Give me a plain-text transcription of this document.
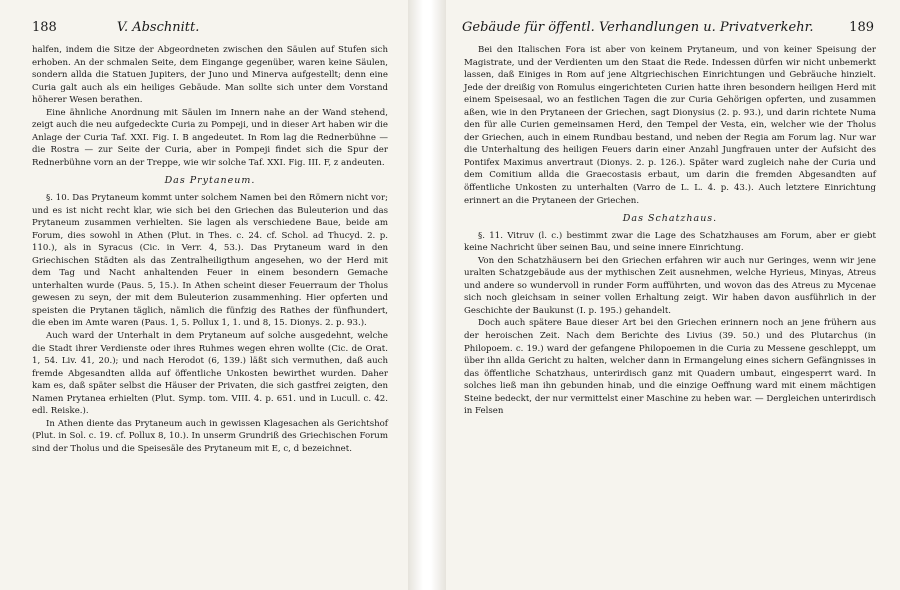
188	V. Abschnitt.

halfen, indem die Sitze der Abgeordneten zwischen den Säulen auf Stufen sich erhoben. An der schmalen Seite, dem Eingange gegenüber, waren keine Säulen, sondern allda die Statuen Jupiters, der Juno und Minerva aufgestellt; denn eine Curia galt auch als ein heiliges Gebäude. Man sollte sich unter dem Vorstand höherer Wesen berathen.

Eine ähnliche Anordnung mit Säulen im Innern nahe an der Wand stehend, zeigt auch die neu aufgedeckte Curia zu Pompeji, und in dieser Art haben wir die Anlage der Curia Taf. XXI. Fig. I. B angedeutet. In Rom lag die Rednerbühne — die Rostra — zur Seite der Curia, aber in Pompeji findet sich die Spur der Rednerbühne vorn an der Treppe, wie wir solche Taf. XXI. Fig. III. F, z andeuten.

Das Prytaneum.

§. 10. Das Prytaneum kommt unter solchem Namen bei den Römern nicht vor; und es ist nicht recht klar, wie sich bei den Griechen das Buleuterion und das Prytaneum zusammen verhielten. Sie lagen als verschiedene Baue, beide am Forum, dies sowohl in Athen (Plut. in Thes. c. 24. cf. Schol. ad Thucyd. 2. p. 110.), als in Syracus (Cic. in Verr. 4, 53.). Das Prytaneum ward in den Griechischen Städten als das Zentralheiligthum angesehen, wo der Herd mit dem Tag und Nacht anhaltenden Feuer in einem besondern Gemache unterhalten wurde (Paus. 5, 15.). In Athen scheint dieser Feuerraum der Tholus gewesen zu seyn, der mit dem Buleuterion zusammenhing. Hier opferten und speisten die Prytanen täglich, nämlich die fünfzig des Rathes der fünfhundert, die eben im Amte waren (Paus. 1, 5. Pollux 1, 1. und 8, 15. Dionys. 2. p. 93.).

Auch ward der Unterhalt in dem Prytaneum auf solche ausgedehnt, welche die Stadt ihrer Verdienste oder ihres Ruhmes wegen ehren wollte (Cic. de Orat. 1, 54. Liv. 41, 20.); und nach Herodot (6, 139.) läßt sich vermuthen, daß auch fremde Abgesandten allda auf öffentliche Unkosten bewirthet wurden. Daher kam es, daß später selbst die Häuser der Privaten, die sich gastfrei zeigten, den Namen Prytanea erhielten (Plut. Symp. tom. VIII. 4. p. 651. und in Lucull. c. 42. edl. Reiske.).

In Athen diente das Prytaneum auch in gewissen Klagesachen als Gerichtshof (Plut. in Sol. c. 19. cf. Pollux 8, 10.). In unserm Grundriß des Griechischen Forum sind der Tholus und die Speisesäle des Prytaneum mit E, c, d bezeichnet.

Gebäude für öffentl. Verhandlungen u. Privatverkehr.	189

Bei den Italischen Fora ist aber von keinem Prytaneum, und von keiner Speisung der Magistrate, und der Verdienten um den Staat die Rede. Indessen dürfen wir nicht unbemerkt lassen, daß Einiges in Rom auf jene Altgriechischen Einrichtungen und Gebräuche hinzielt. Jede der dreißig von Romulus eingerichteten Curien hatte ihren besondern heiligen Herd mit einem Speisesaal, wo an festlichen Tagen die zur Curia Gehörigen opferten, und zusammen aßen, wie in den Prytaneen der Griechen, sagt Dionysius (2. p. 93.), und darin richtete Numa den für alle Curien gemeinsamen Herd, den Tempel der Vesta, ein, welcher wie der Tholus der Griechen, auch in einem Rundbau bestand, und neben der Regia am Forum lag. Nur war die Unterhaltung des heiligen Feuers darin einer Anzahl Jungfrauen unter der Aufsicht des Pontifex Maximus anvertraut (Dionys. 2. p. 126.). Später ward zugleich nahe der Curia und dem Comitium allda die Graecostasis erbaut, um darin die fremden Abgesandten auf öffentliche Unkosten zu unterhalten (Varro de L. L. 4. p. 43.). Auch letztere Einrichtung erinnert an die Prytaneen der Griechen.

Das Schatzhaus.

§. 11. Vitruv (l. c.) bestimmt zwar die Lage des Schatzhauses am Forum, aber er giebt keine Nachricht über seinen Bau, und seine innere Einrichtung.

Von den Schatzhäusern bei den Griechen erfahren wir auch nur Geringes, wenn wir jene uralten Schatzgebäude aus der mythischen Zeit ausnehmen, welche Hyrieus, Minyas, Atreus und andere so wundervoll in runder Form aufführten, und wovon das des Atreus zu Mycenae sich noch gleichsam in seiner vollen Erhaltung zeigt. Wir haben davon ausführlich in der Geschichte der Baukunst (I. p. 195.) gehandelt.

Doch auch spätere Baue dieser Art bei den Griechen erinnern noch an jene frühern aus der heroischen Zeit. Nach dem Berichte des Livius (39. 50.) und des Plutarchus (in Philopoem. c. 19.) ward der gefangene Philopoemen in die Curia zu Messene geschleppt, um über ihn allda Gericht zu halten, welcher dann in Ermangelung eines sichern Gefängnisses in das öffentliche Schatzhaus, unterirdisch ganz mit Quadern umbaut, eingesperrt ward. In solches ließ man ihn gebunden hinab, und die einzige Oeffnung ward mit einem mächtigen Steine bedeckt, der nur vermittelst einer Maschine zu heben war. — Dergleichen unterirdisch in Felsen
